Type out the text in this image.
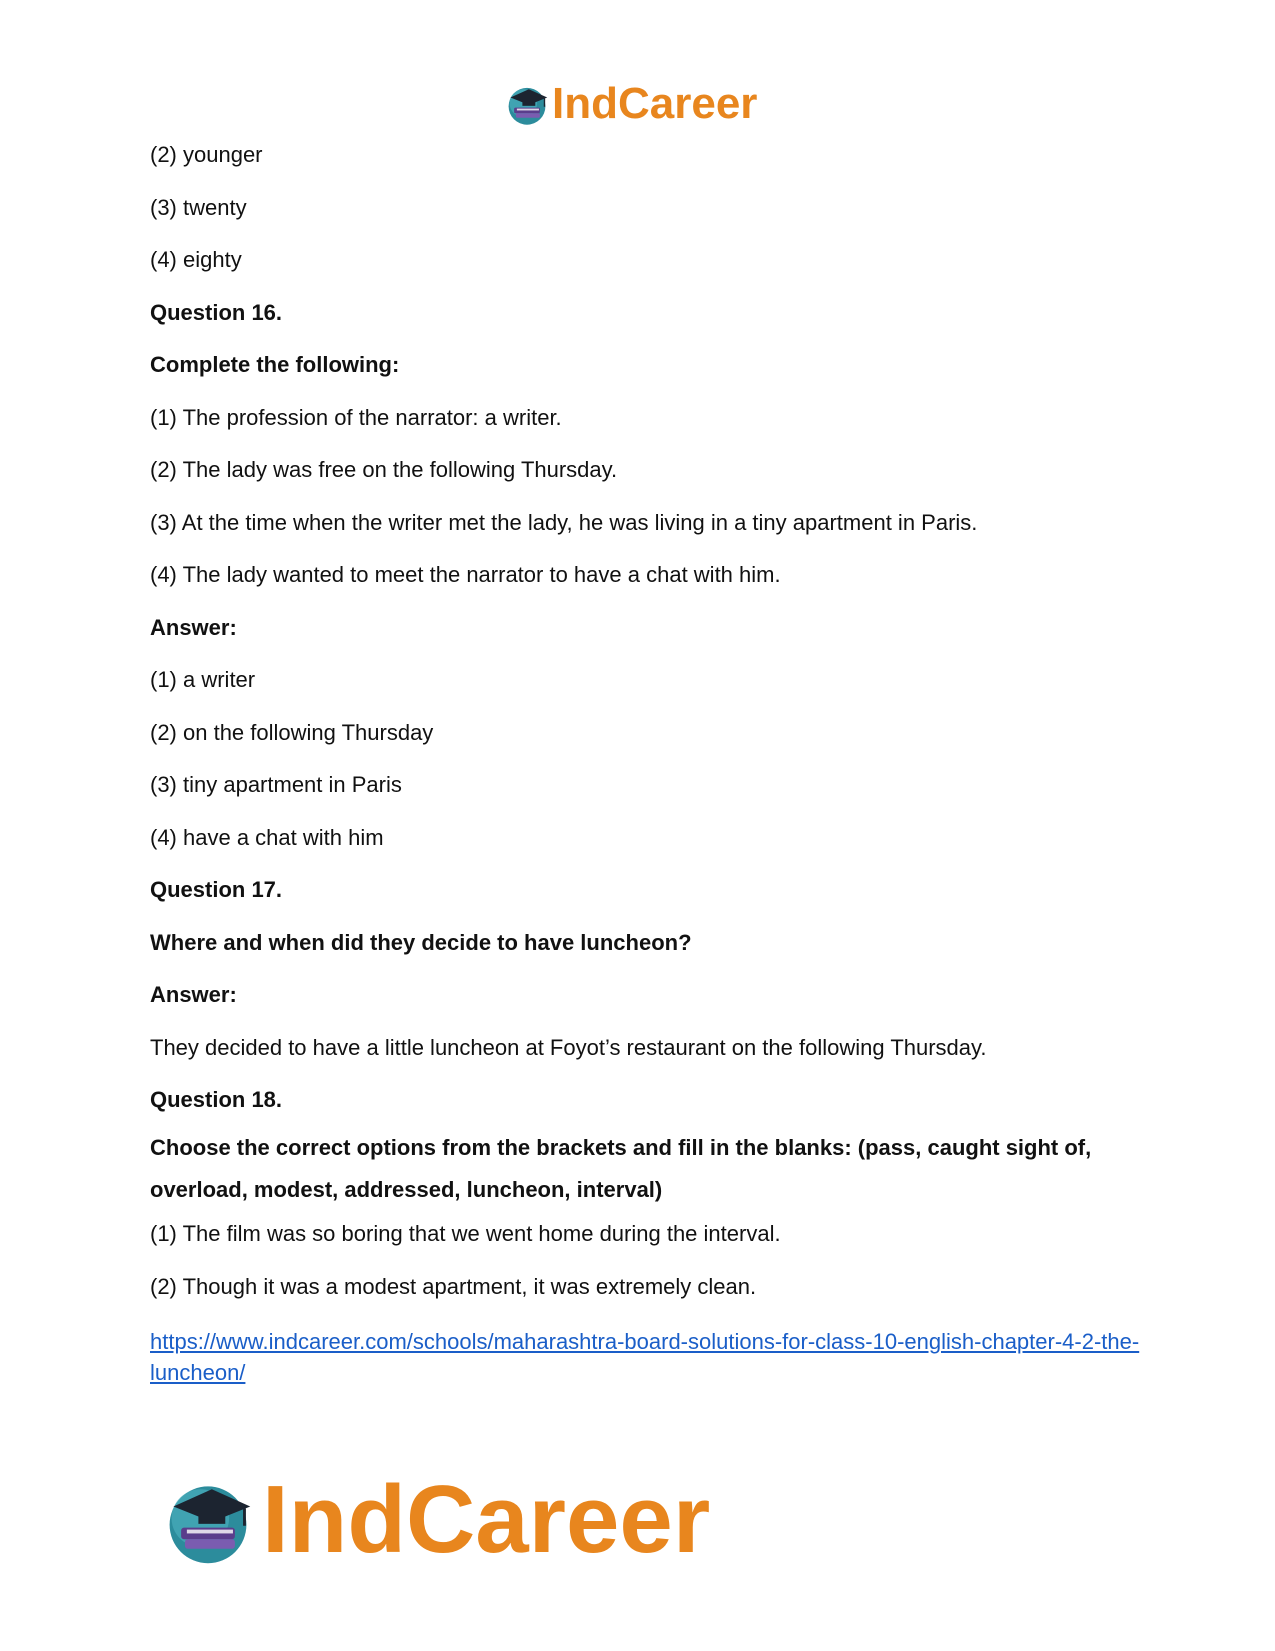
IndCareer
(2) younger
(3) twenty
(4) eighty
Question 16.
Complete the following:
(1) The profession of the narrator: a writer.
(2) The lady was free on the following Thursday.
(3) At the time when the writer met the lady, he was living in a tiny apartment in Paris.
(4) The lady wanted to meet the narrator to have a chat with him.
Answer:
(1) a writer
(2) on the following Thursday
(3) tiny apartment in Paris
(4) have a chat with him
Question 17.
Where and when did they decide to have luncheon?
Answer:
They decided to have a little luncheon at Foyot’s restaurant on the following Thursday.
Question 18.
Choose the correct options from the brackets and fill in the blanks: (pass, caught sight of, overload, modest, addressed, luncheon, interval)
(1) The film was so boring that we went home during the interval.
(2) Though it was a modest apartment, it was extremely clean.
https://www.indcareer.com/schools/maharashtra-board-solutions-for-class-10-english-chapter-4-2-the-luncheon/
IndCareer
